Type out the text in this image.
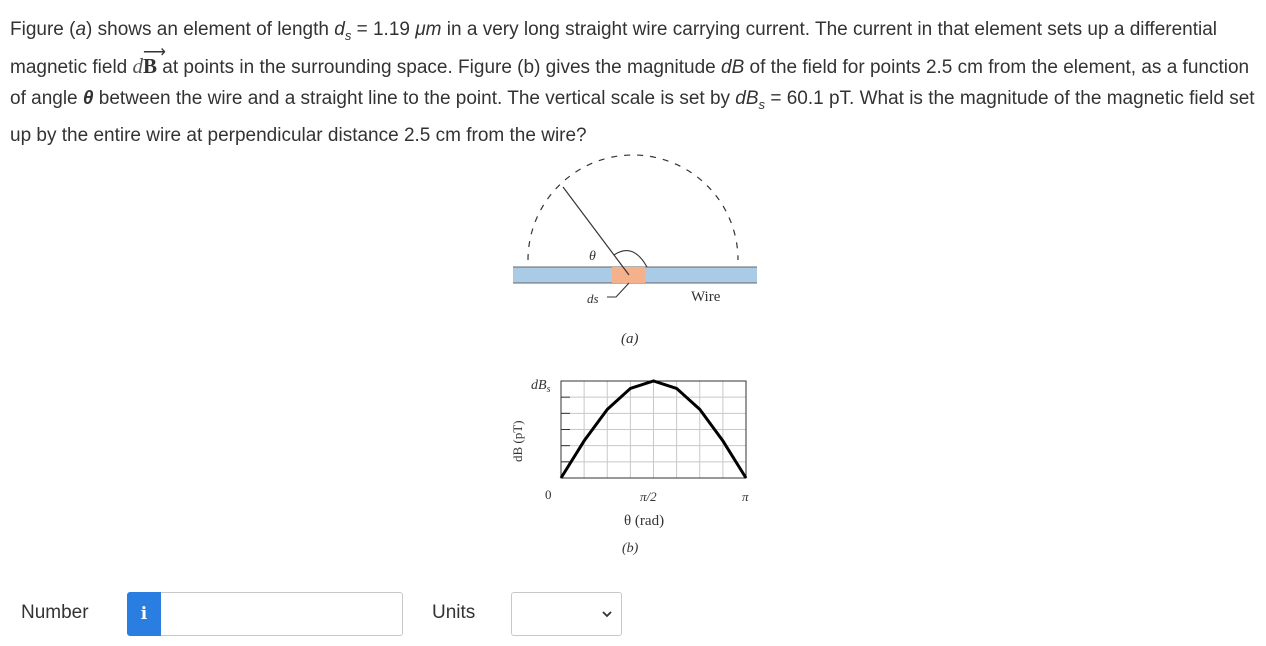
Figure (a) shows an element of length $d_s = 1.19$ μm in a very long straight wire carrying current. The current in that element sets up a differential magnetic field dB
⟶
at points in the surrounding space. Figure (b) gives the magnitude dB of the field for points 2.5 cm from the element, as a function of angle θ between the wire and a straight line to the point. The vertical scale is set by $dB_s = 60.1$ pT. What is the magnitude of the magnetic field set up by the entire wire at perpendicular distance 2.5 cm from the wire?

θ
ds	Wire
(a)
$dB_s$
dB (pT)
0	π/2	π
θ (rad)
(b)
Number	i	Units
